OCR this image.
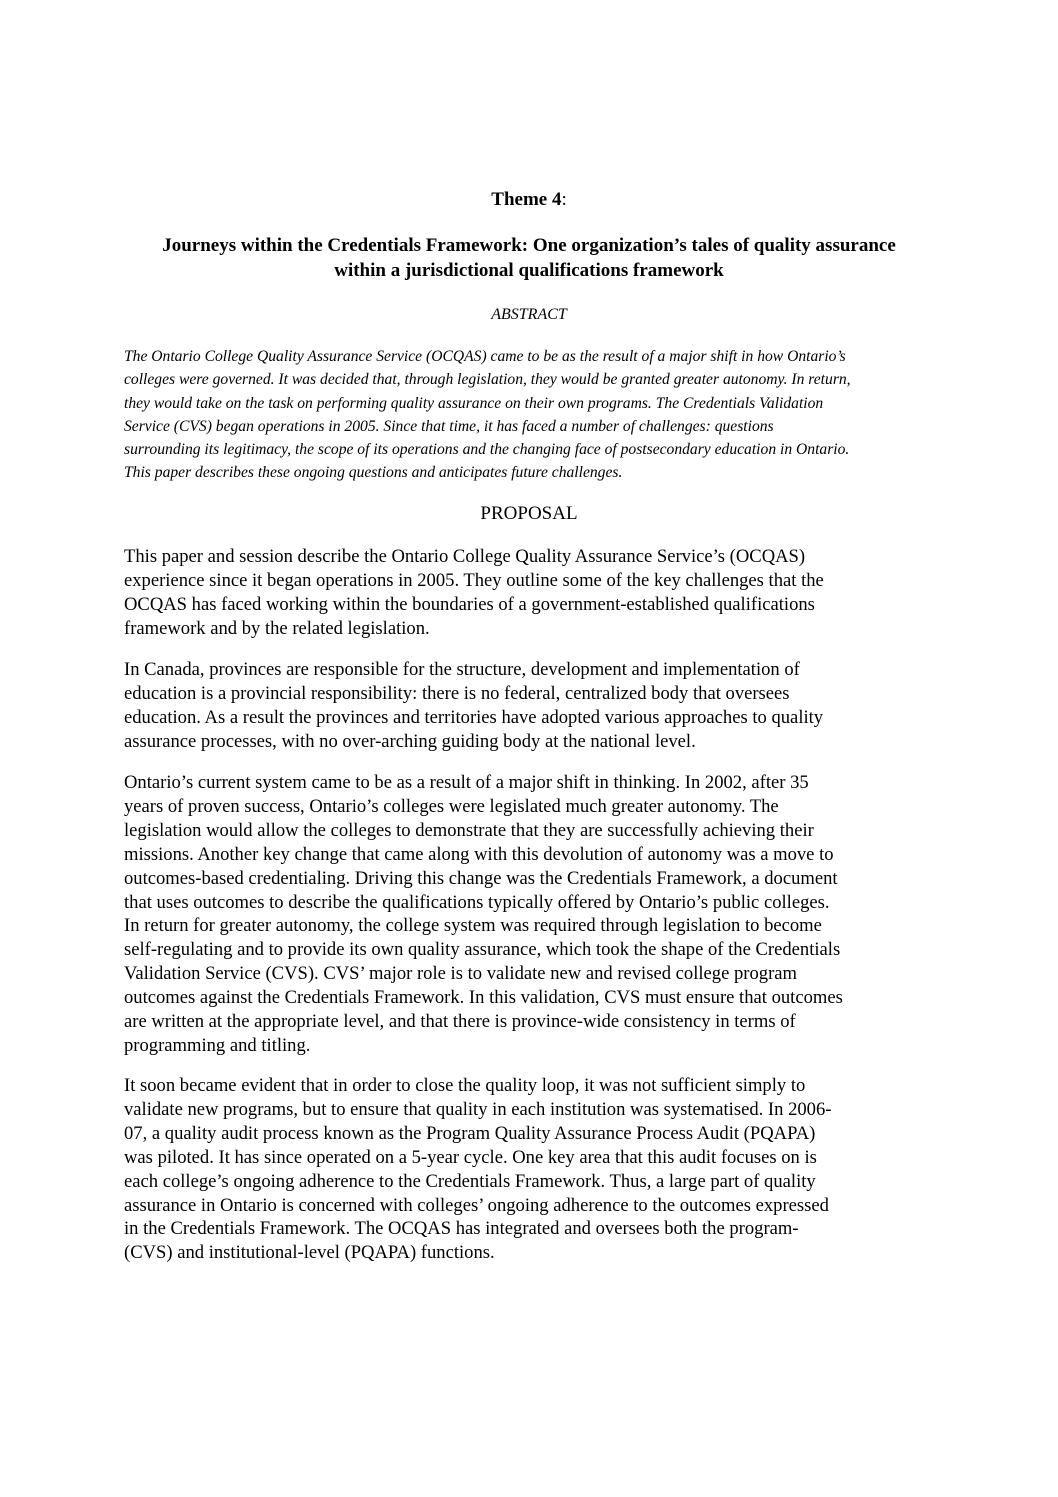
Theme 4:
Journeys within the Credentials Framework: One organization’s tales of quality assurance
within a jurisdictional qualifications framework
ABSTRACT
The Ontario College Quality Assurance Service (OCQAS) came to be as the result of a major shift in how Ontario’s
colleges were governed. It was decided that, through legislation, they would be granted greater autonomy. In return,
they would take on the task on performing quality assurance on their own programs. The Credentials Validation
Service (CVS) began operations in 2005. Since that time, it has faced a number of challenges: questions
surrounding its legitimacy, the scope of its operations and the changing face of postsecondary education in Ontario.
This paper describes these ongoing questions and anticipates future challenges.
PROPOSAL
This paper and session describe the Ontario College Quality Assurance Service’s (OCQAS)
experience since it began operations in 2005. They outline some of the key challenges that the
OCQAS has faced working within the boundaries of a government-established qualifications
framework and by the related legislation.
In Canada, provinces are responsible for the structure, development and implementation of
education is a provincial responsibility: there is no federal, centralized body that oversees
education. As a result the provinces and territories have adopted various approaches to quality
assurance processes, with no over-arching guiding body at the national level.
Ontario’s current system came to be as a result of a major shift in thinking. In 2002, after 35
years of proven success, Ontario’s colleges were legislated much greater autonomy. The
legislation would allow the colleges to demonstrate that they are successfully achieving their
missions. Another key change that came along with this devolution of autonomy was a move to
outcomes-based credentialing. Driving this change was the Credentials Framework, a document
that uses outcomes to describe the qualifications typically offered by Ontario’s public colleges.
In return for greater autonomy, the college system was required through legislation to become
self-regulating and to provide its own quality assurance, which took the shape of the Credentials
Validation Service (CVS). CVS’ major role is to validate new and revised college program
outcomes against the Credentials Framework. In this validation, CVS must ensure that outcomes
are written at the appropriate level, and that there is province-wide consistency in terms of
programming and titling.
It soon became evident that in order to close the quality loop, it was not sufficient simply to
validate new programs, but to ensure that quality in each institution was systematised. In 2006-
07, a quality audit process known as the Program Quality Assurance Process Audit (PQAPA)
was piloted. It has since operated on a 5-year cycle. One key area that this audit focuses on is
each college’s ongoing adherence to the Credentials Framework. Thus, a large part of quality
assurance in Ontario is concerned with colleges’ ongoing adherence to the outcomes expressed
in the Credentials Framework. The OCQAS has integrated and oversees both the program-
(CVS) and institutional-level (PQAPA) functions.
